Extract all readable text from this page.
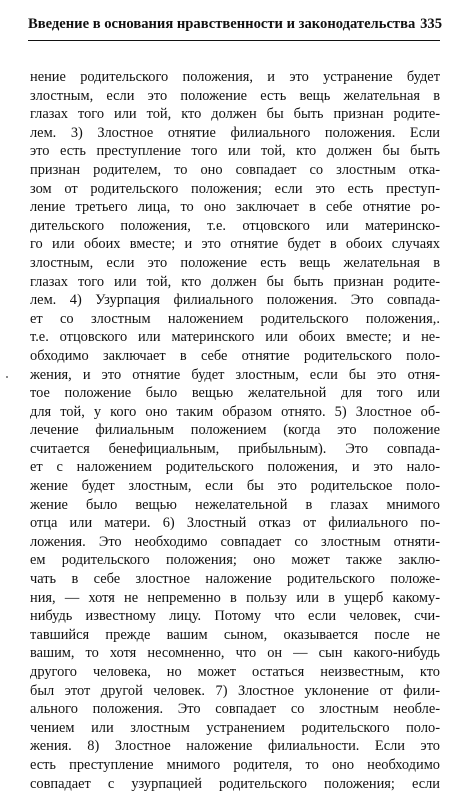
Введение в основания нравственности и законодательства 335
нение родительского положения, и это устранение будет
злостным, если это положение есть вещь желательная в
глазах того или той, кто должен бы быть признан родите-
лем. 3) Злостное отнятие филиального положения. Если
это есть преступление того или той, кто должен бы быть
признан родителем, то оно совпадает со злостным отка-
зом от родительского положения; если это есть преступ-
ление третьего лица, то оно заключает в себе отнятие ро-
дительского положения, т.е. отцовского или материнско-
го или обоих вместе; и это отнятие будет в обоих случаях
злостным, если это положение есть вещь желательная в
глазах того или той, кто должен бы быть признан родите-
лем. 4) Узурпация филиального положения. Это совпада-
ет со злостным наложением родительского положения,.
т.е. отцовского или материнского или обоих вместе; и не-
обходимо заключает в себе отнятие родительского поло-
жения, и это отнятие будет злостным, если бы это отня-
тое положение было вещью желательной для того или
для той, у кого оно таким образом отнято. 5) Злостное об-
лечение филиальным положением (когда это положение
считается бенефициальным, прибыльным). Это совпада-
ет с наложением родительского положения, и это нало-
жение будет злостным, если бы это родительское поло-
жение было вещью нежелательной в глазах мнимого
отца или матери. 6) Злостный отказ от филиального по-
ложения. Это необходимо совпадает со злостным отняти-
ем родительского положения; оно может также заклю-
чать в себе злостное наложение родительского положе-
ния, — хотя не непременно в пользу или в ущерб какому-
нибудь известному лицу. Потому что если человек, счи-
тавшийся прежде вашим сыном, оказывается после не
вашим, то хотя несомненно, что он — сын какого-нибудь
другого человека, но может остаться неизвестным, кто
был этот другой человек. 7) Злостное уклонение от фили-
ального положения. Это совпадает со злостным необле-
чением или злостным устранением родительского поло-
жения. 8) Злостное наложение филиальности. Если это
есть преступление мнимого родителя, то оно необходимо
совпадает с узурпацией родительского положения; если
